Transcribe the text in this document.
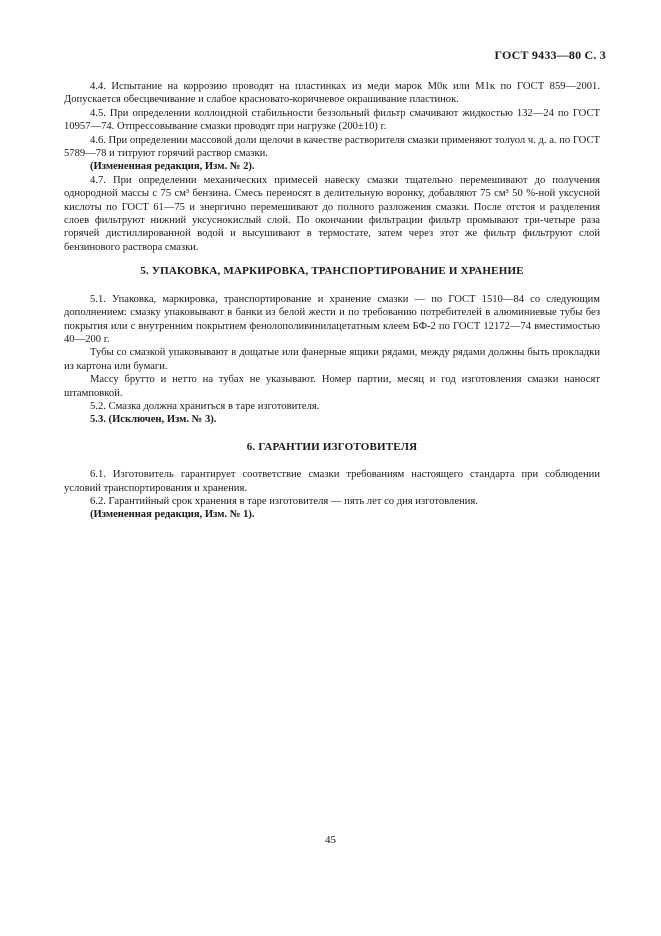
ГОСТ 9433—80 С. 3

4.4. Испытание на коррозию проводят на пластинках из меди марок М0к или М1к по ГОСТ 859—2001. Допускается обесцвечивание и слабое красновато-коричневое окрашивание пластинок.

4.5. При определении коллоидной стабильности беззольный фильтр смачивают жидкостью 132—24 по ГОСТ 10957—74. Отпрессовывание смазки проводят при нагрузке (200±10) г.

4.6. При определении массовой доли щелочи в качестве растворителя смазки применяют толуол ч. д. а. по ГОСТ 5789—78 и титруют горячий раствор смазки.

(Измененная редакция, Изм. № 2).

4.7. При определении механических примесей навеску смазки тщательно перемешивают до получения однородной массы с 75 см³ бензина. Смесь переносят в делительную воронку, добавляют 75 см³ 50 %-ной уксусной кислоты по ГОСТ 61—75 и энергично перемешивают до полного разложения смазки. После отстоя и разделения слоев фильтруют нижний уксуснокислый слой. По окончании фильтрации фильтр промывают три-четыре раза горячей дистиллированной водой и высушивают в термостате, затем через этот же фильтр фильтруют слой бензинового раствора смазки.

5. УПАКОВКА, МАРКИРОВКА, ТРАНСПОРТИРОВАНИЕ И ХРАНЕНИЕ

5.1. Упаковка, маркировка, транспортирование и хранение смазки — по ГОСТ 1510—84 со следующим дополнением: смазку упаковывают в банки из белой жести и по требованию потребителей в алюминиевые тубы без покрытия или с внутренним покрытием фенолополивинилацетатным клеем БФ-2 по ГОСТ 12172—74 вместимостью 40—200 г.

Тубы со смазкой упаковывают в дощатые или фанерные ящики рядами, между рядами должны быть прокладки из картона или бумаги.

Массу брутто и нетто на тубах не указывают. Номер партии, месяц и год изготовления смазки наносят штамповкой.

5.2. Смазка должна храниться в таре изготовителя.

5.3. (Исключен, Изм. № 3).

6. ГАРАНТИИ ИЗГОТОВИТЕЛЯ

6.1. Изготовитель гарантирует соответствие смазки требованиям настоящего стандарта при соблюдении условий транспортирования и хранения.

6.2. Гарантийный срок хранения в таре изготовителя — пять лет со дня изготовления.

(Измененная редакция, Изм. № 1).

45
